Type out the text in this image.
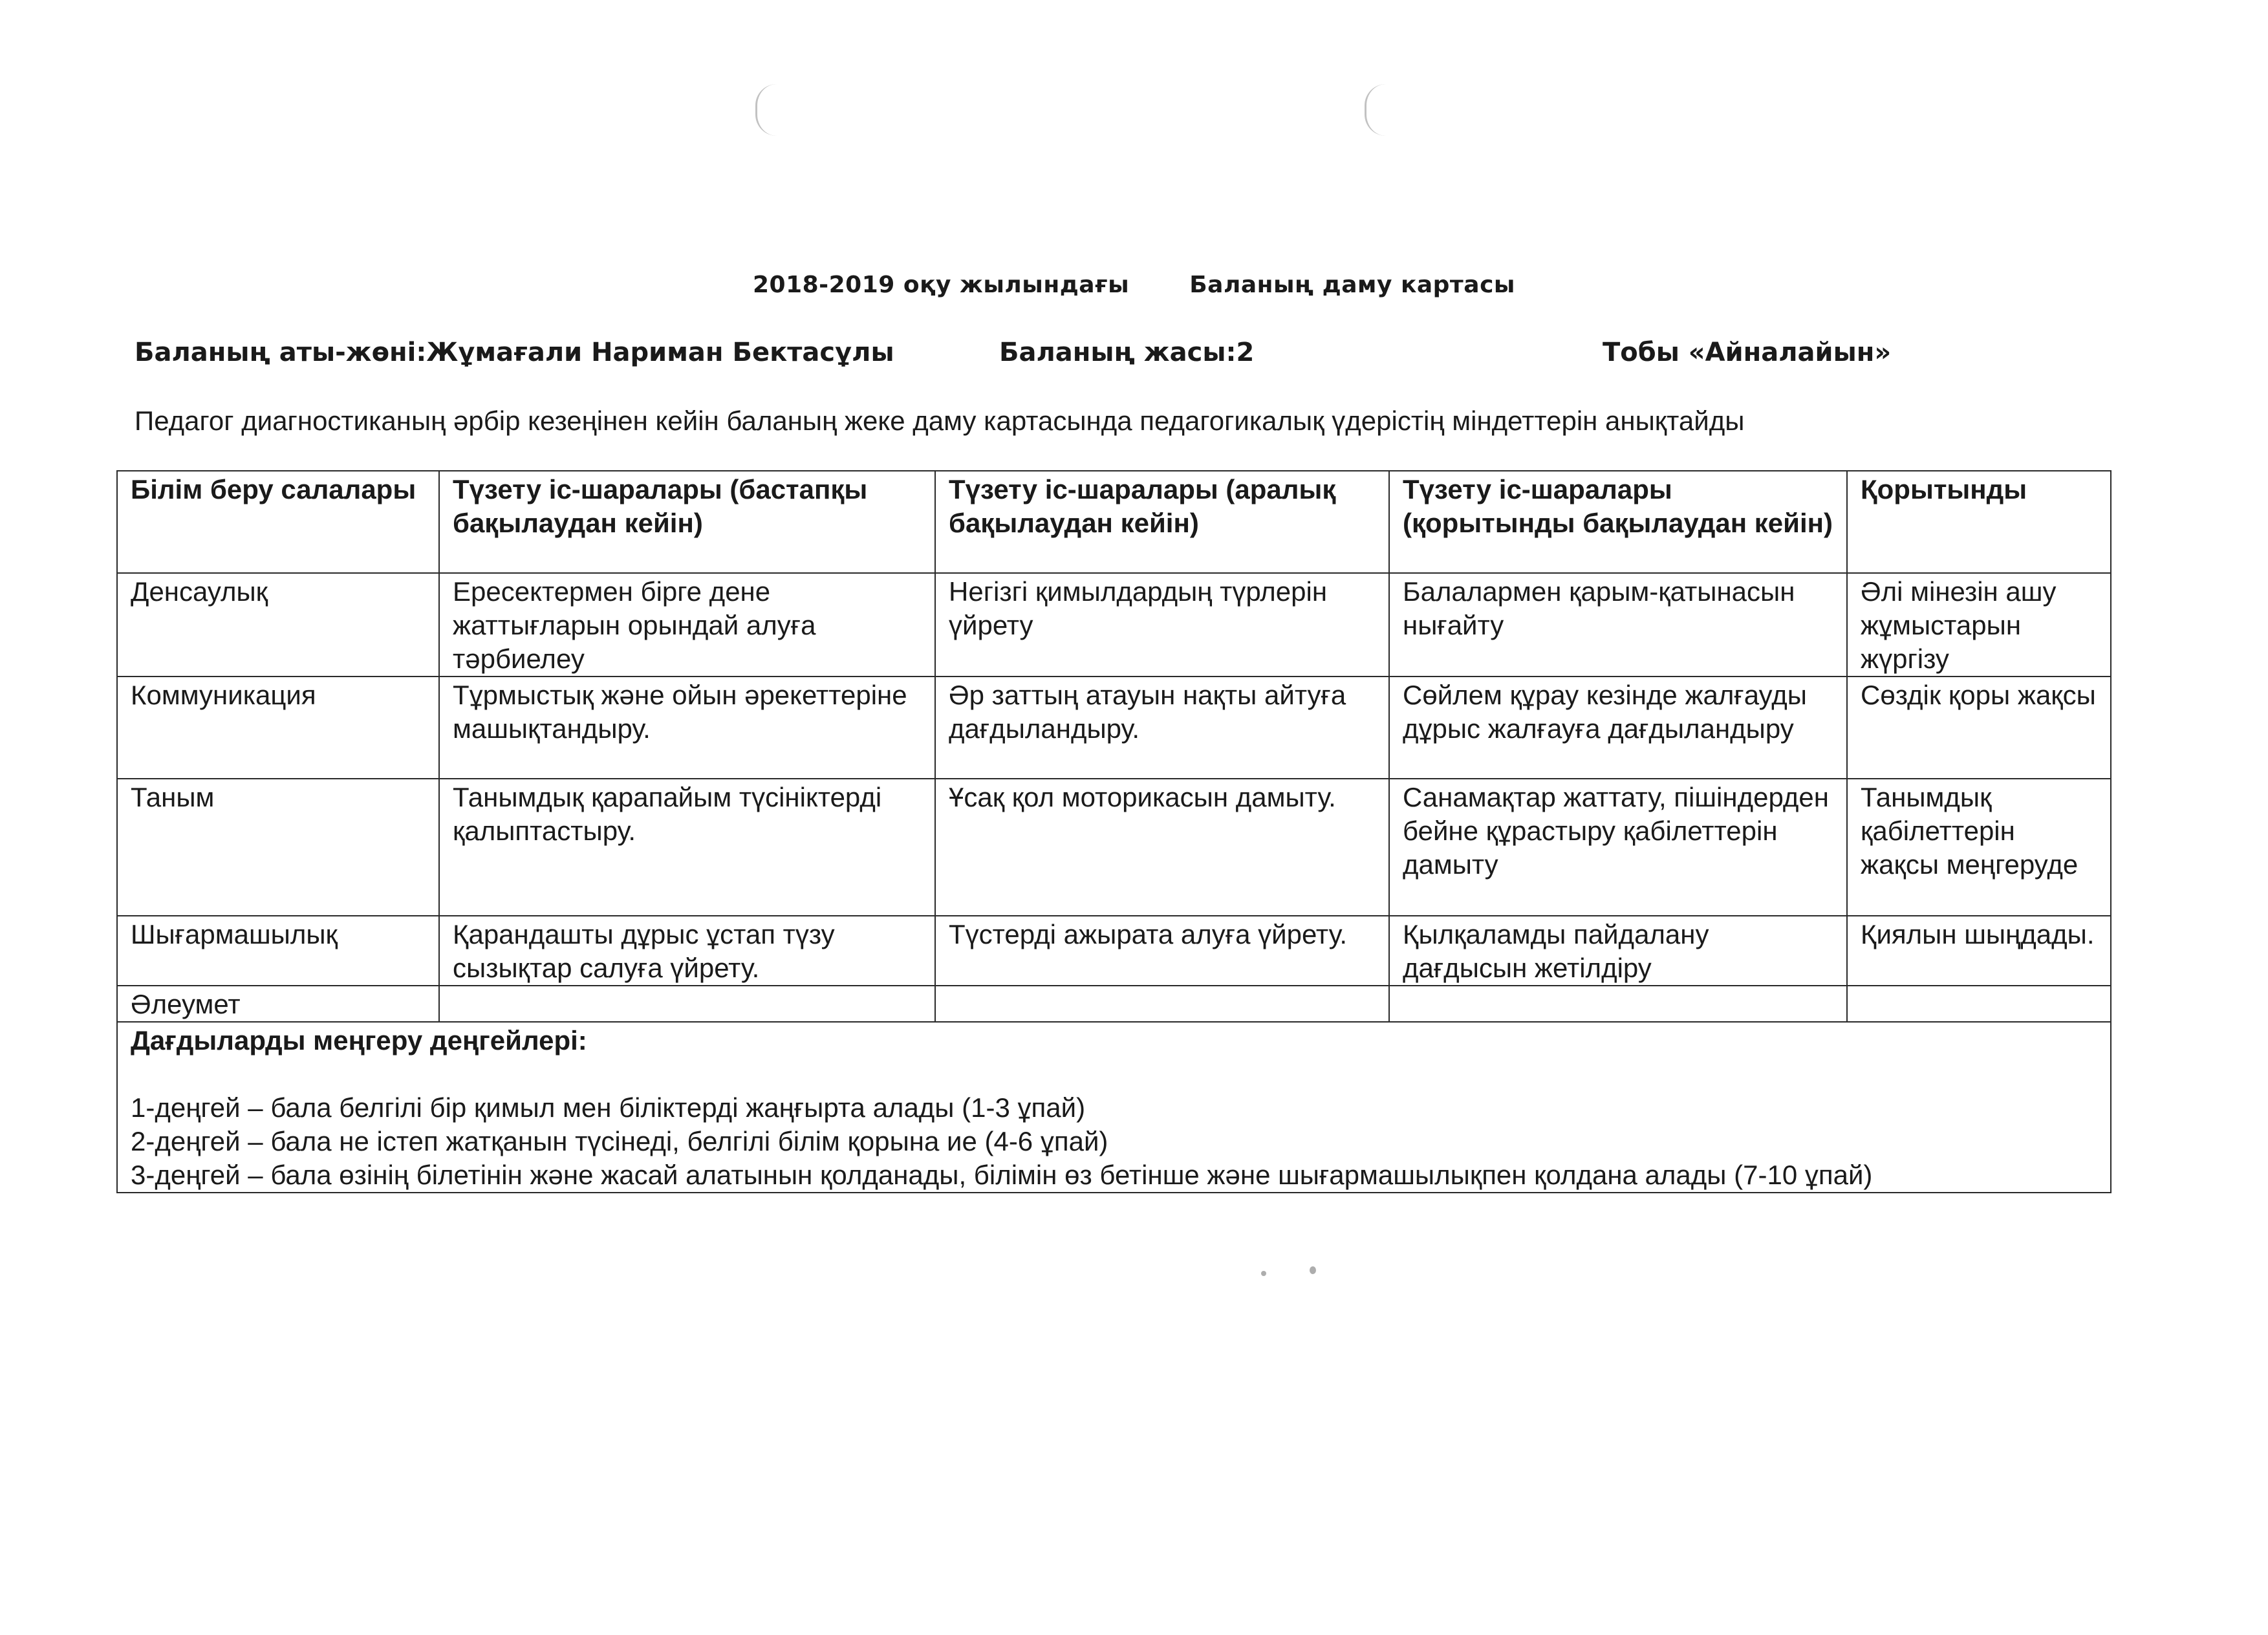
2018-2019 оқу жылындағы	Баланың даму картасы
Баланың аты-жөні:Жұмағали Нариман Бектасұлы	Баланың жасы:2	Тобы «Айналайын»
Педагог диагностиканың әрбір кезеңінен кейін баланың жеке даму картасында педагогикалық үдерістің міндеттерін анықтайды
Білім беру салалары	Түзету іс-шаралары (бастапқы бақылаудан кейін)	Түзету іс-шаралары (аралық бақылаудан кейін)	Түзету іс-шаралары (қорытынды бақылаудан кейін)	Қорытынды
Денсаулық	Ересектермен бірге дене жаттығларын орындай алуға тәрбиелеу	Негізгі қимылдардың түрлерін үйрету	Балалармен қарым-қатынасын нығайту	Әлі мінезін ашу жұмыстарын жүргізу
Коммуникация	Тұрмыстық және ойын әрекеттеріне машықтандыру.	Әр заттың атауын нақты айтуға дағдыландыру.	Сөйлем құрау кезінде жалғауды дұрыс жалғауға дағдыландыру	Сөздік қоры жақсы
Таным	Танымдық қарапайым түсініктерді қалыптастыру.	Ұсақ қол моторикасын дамыту.	Санамақтар жаттату, пішіндерден бейне құрастыру қабілеттерін дамыту	Танымдық қабілеттерін жақсы меңгеруде
Шығармашылық	Қарандашты дұрыс ұстап түзу сызықтар салуға үйрету.	Түстерді ажырата алуға үйрету.	Қылқаламды пайдалану дағдысын жетілдіру	Қиялын шыңдады.
Әлеумет				

Дағдыларды меңгеру деңгейлері:
1-деңгей – бала белгілі бір қимыл мен біліктерді жаңғырта алады (1-3 ұпай)
2-деңгей – бала не істеп жатқанын түсінеді, белгілі білім қорына ие (4-6 ұпай)
3-деңгей – бала өзінің білетінін және жасай алатынын қолданады, білімін өз бетінше және шығармашылықпен қолдана алады (7-10 ұпай)				
